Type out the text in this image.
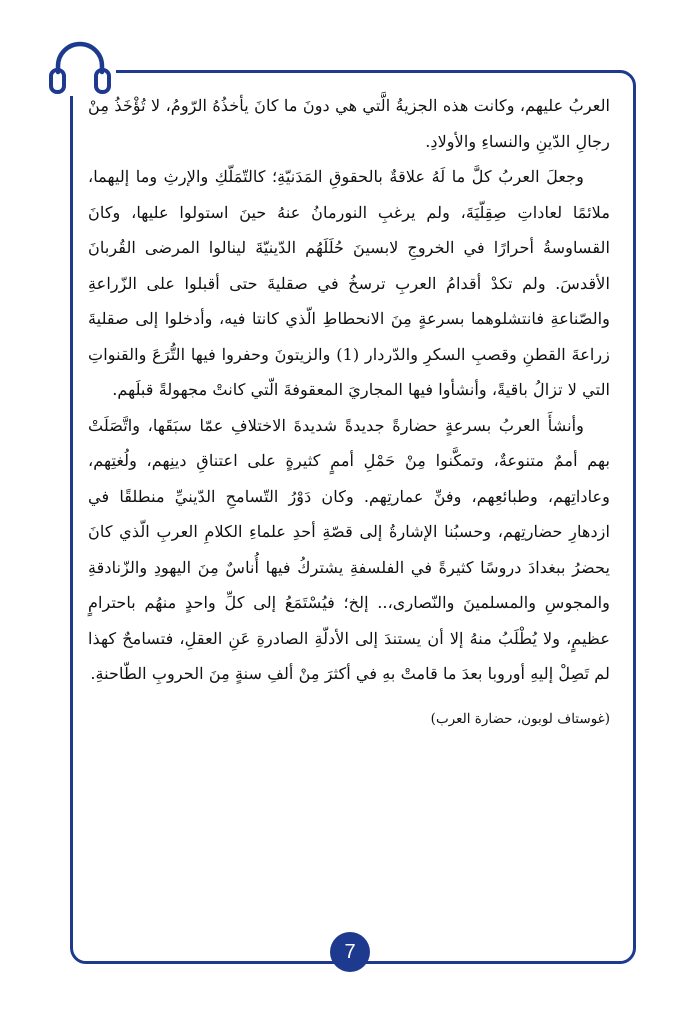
العربُ عليهم، وكانت هذه الجزيةُ الَّتي هي دونَ ما كانَ يأخذُهُ الرّومُ، لا تُؤْخَذُ مِنْ رجالِ الدّينِ والنساءِ والأولادِ.

وجعلَ العربُ كلَّ ما لَهُ علاقةٌ بالحقوقِ المَدَنيّةِ؛ كالتّمَلّكِ والإرثِ وما إليهما، ملائمًا لعاداتِ صِقِلّيَةَ، ولم يرغبِ النورمانُ عنهُ حينَ استولوا عليها، وكانَ القساوسةُ أحرارًا في الخروجِ لابسينَ حُلَلَهُم الدّينيّةَ لينالوا المرضى القُربانَ الأقدسَ. ولم تكدْ أقدامُ العربِ ترسخُ في صقليةَ حتى أقبلوا على الزّراعةِ والصّناعةِ فانتشلوهما بسرعةٍ مِنَ الانحطاطِ الّذي كانتا فيه، وأدخلوا إلى صقليةَ زراعةَ القطنِ وقصبِ السكرِ والدّردار (1) والزيتونَ وحفروا فيها التُّرَعَ والقنواتِ التي لا تزالُ باقيةً، وأنشأوا فيها المجاريَ المعقوفةَ الّتي كانتْ مجهولةً قبلَهم.

وأنشأَ العربُ بسرعةٍ حضارةً جديدةً شديدةَ الاختلافِ عمّا سبَقَها، واتَّصَلَتْ بهم أممٌ متنوعةٌ، وتمكَّنوا مِنْ حَمْلِ أممٍ كثيرةٍ على اعتناقِ دينِهم، ولُغتِهم، وعاداتِهم، وطبائعِهم، وفنِّ عمارتِهم. وكان دَوْرُ التّسامحِ الدّينيِّ منطلقًا في ازدهارِ حضارتِهم، وحسبُنا الإشارةُ إلى قصّةِ أحدِ علماءِ الكلامِ العربِ الّذي كانَ يحضرُ ببغدادَ دروسًا كثيرةً في الفلسفةِ يشتركُ فيها أُناسٌ مِنَ اليهودِ والزّنادقةِ والمجوسِ والمسلمينَ والنّصارى،.. إلخ؛ فيُسْتَمَعُ إلى كلِّ واحدٍ منهُم باحترامٍ عظيمٍ، ولا يُطْلَبُ منهُ إلا أن يستندَ إلى الأدلّةِ الصادرةِ عَنِ العقلِ، فتسامحٌ كهذا لم تَصِلْ إليهِ أوروبا بعدَ ما قامتْ بهِ في أكثرَ مِنْ ألفِ سنةٍ مِنَ الحروبِ الطّاحنةِ.

(غوستاف لوبون، حضارة العرب)
7
